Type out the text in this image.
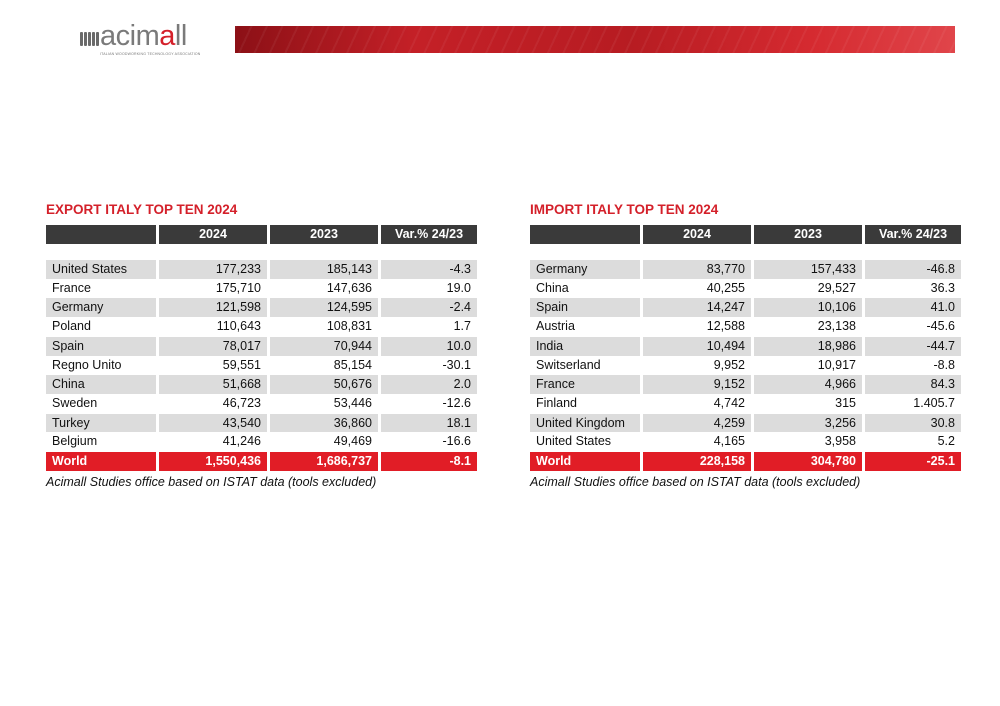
acimall
ITALIAN WOODWORKING TECHNOLOGY ASSOCIATION
EXPORT ITALY TOP TEN 2024
	2024	2023	Var.% 24/23

United States	177,233	185,143	-4.3
France	175,710	147,636	19.0
Germany	121,598	124,595	-2.4
Poland	110,643	108,831	1.7
Spain	78,017	70,944	10.0
Regno Unito	59,551	85,154	-30.1
China	51,668	50,676	2.0
Sweden	46,723	53,446	-12.6
Turkey	43,540	36,860	18.1
Belgium	41,246	49,469	-16.6
World	1,550,436	1,686,737	-8.1
Acimall Studies office based on ISTAT data (tools excluded)
IMPORT ITALY TOP TEN 2024
	2024	2023	Var.% 24/23

Germany	83,770	157,433	-46.8
China	40,255	29,527	36.3
Spain	14,247	10,106	41.0
Austria	12,588	23,138	-45.6
India	10,494	18,986	-44.7
Switserland	9,952	10,917	-8.8
France	9,152	4,966	84.3
Finland	4,742	315	1.405.7
United Kingdom	4,259	3,256	30.8
United States	4,165	3,958	5.2
World	228,158	304,780	-25.1
Acimall Studies office based on ISTAT data (tools excluded)
